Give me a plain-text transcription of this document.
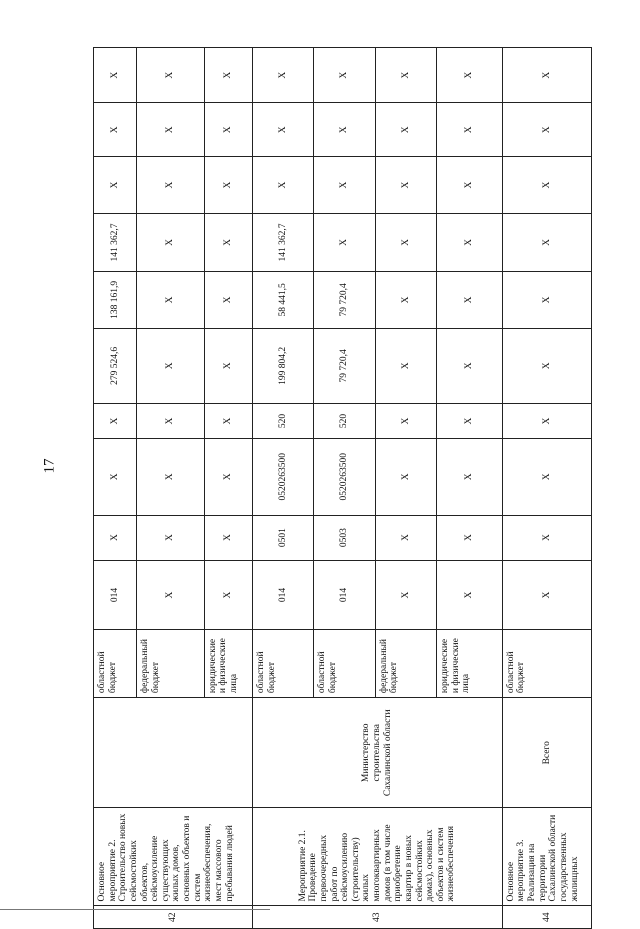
17
42	Основное мероприятие 2. Строительство новых сейсмостойких объектов, сейсмоусиление существующих жилых домов, основных объектов и систем жизнеобеспечения, мест массового пребывания людей		областной бюджет	014	Х	Х	Х	279 524,6	138 161,9	141 362,7	Х	Х	Х
			федеральный бюджет	Х	Х	Х	Х	Х	Х	Х	Х	Х	Х
			юридические и физические лица	Х	Х	Х	Х	Х	Х	Х	Х	Х	Х
43	Мероприятие 2.1. Проведение первоочередных работ по сейсмоусилению (строительству) жилых многоквартирных домов (в том числе приобретение квартир в новых сейсмостойких домах), основных объектов и систем жизнеобеспечения	Министерство строительства Сахалинской области	областной бюджет	014	0501	0520263500	520	199 804,2	58 441,5	141 362,7	Х	Х	Х
			областной бюджет	014	0503	0520263500	520	79 720,4	79 720,4	Х	Х	Х	Х
			федеральный бюджет	Х	Х	Х	Х	Х	Х	Х	Х	Х	Х
			юридические и физические лица	Х	Х	Х	Х	Х	Х	Х	Х	Х	Х
44	Основное мероприятие 3. Реализация на территории Сахалинской области государственных жилищных	Всего	областной бюджет	Х	Х	Х	Х	Х	Х	Х	Х	Х	Х
